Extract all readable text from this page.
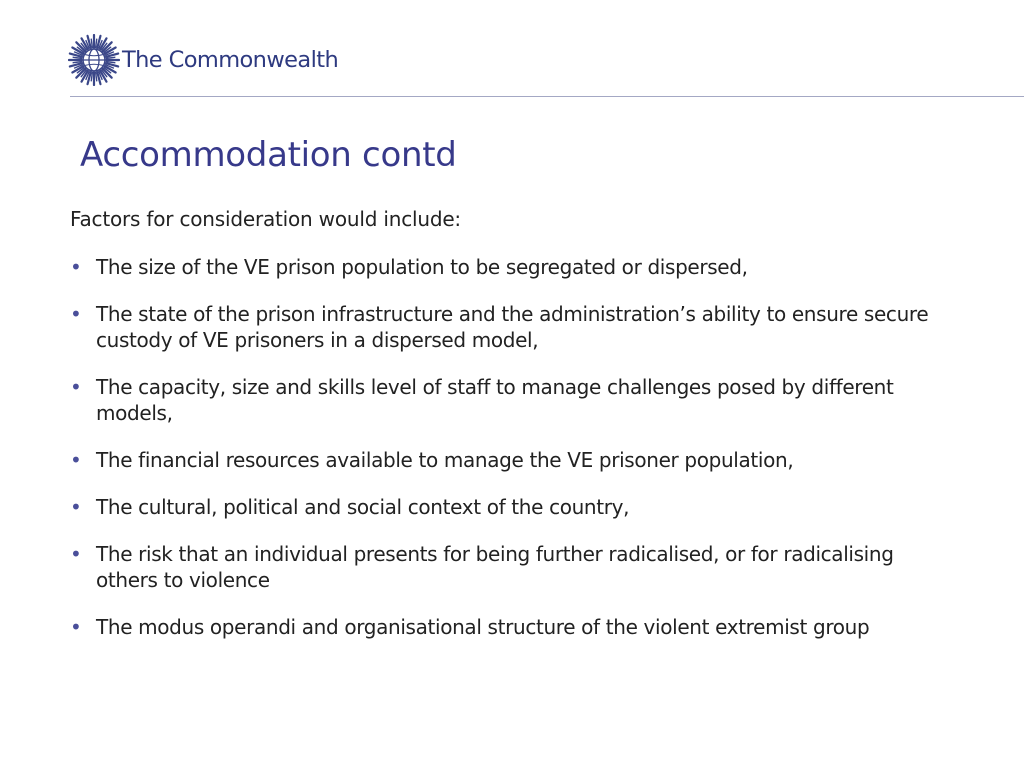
The Commonwealth
Accommodation contd

Factors for consideration would include:

• The size of the VE prison population to be segregated or dispersed,
• The state of the prison infrastructure and the administration’s ability to ensure secure custody of VE prisoners in a dispersed model,
• The capacity, size and skills level of staff to manage challenges posed by different models,
• The financial resources available to manage the VE prisoner population,
• The cultural, political and social context of the country,
• The risk that an individual presents for being further radicalised, or for radicalising others to violence
• The modus operandi and organisational structure of the violent extremist group
